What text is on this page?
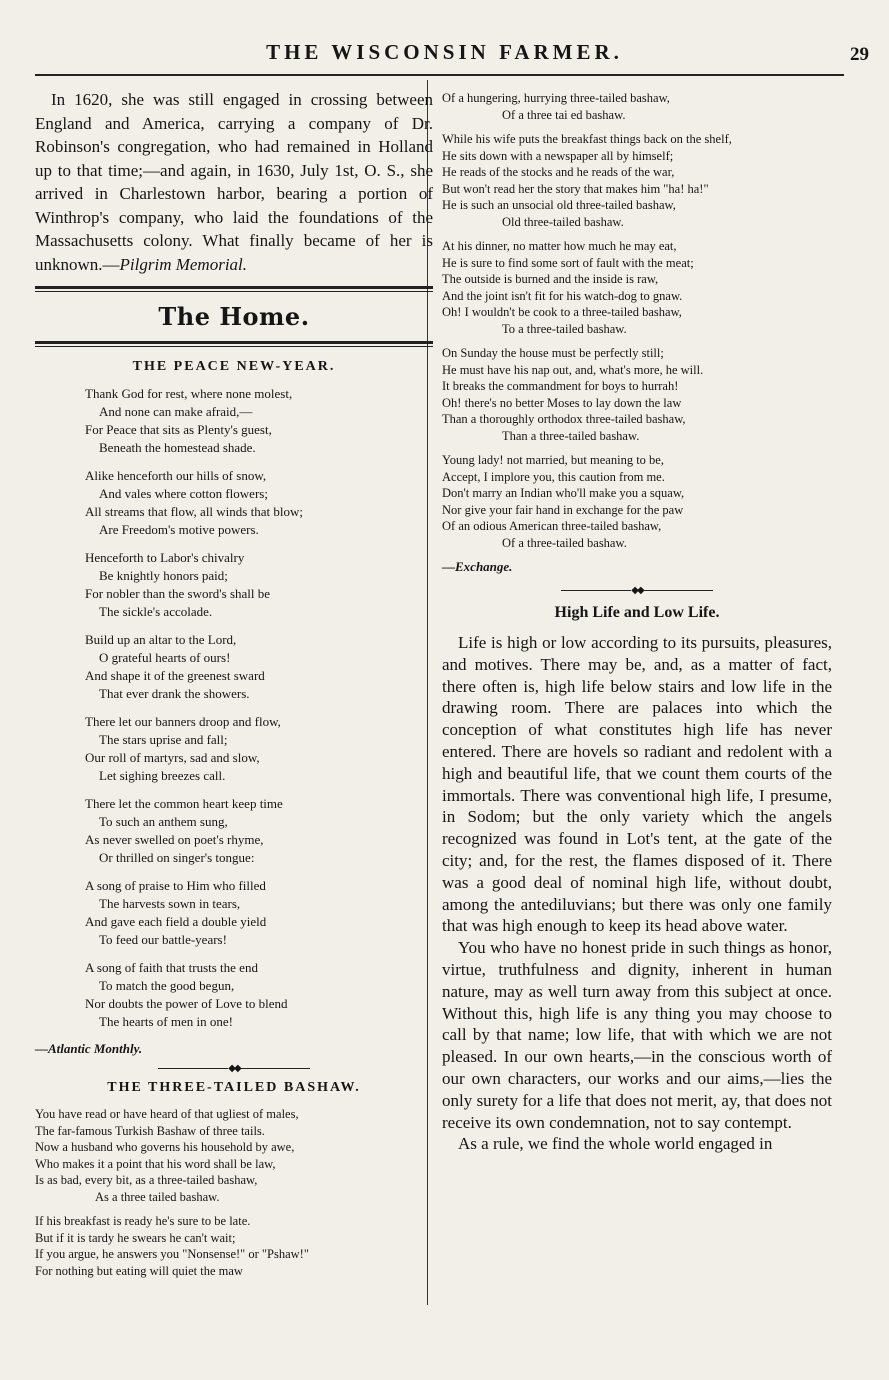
THE WISCONSIN FARMER.	29

In 1620, she was still engaged in crossing between England and America, carrying a company of Dr. Robinson's congregation, who had remained in Holland up to that time;—and again, in 1630, July 1st, O. S., she arrived in Charlestown harbor, bearing a portion of Winthrop's company, who laid the foundations of the Massachusetts colony. What finally became of her is unknown.—Pilgrim Memorial.

The Home.
THE PEACE NEW-YEAR.
Thank God for rest, where none molest,
And none can make afraid,—
For Peace that sits as Plenty's guest,
Beneath the homestead shade.
Alike henceforth our hills of snow,
And vales where cotton flowers;
All streams that flow, all winds that blow;
Are Freedom's motive powers.
Henceforth to Labor's chivalry
Be knightly honors paid;
For nobler than the sword's shall be
The sickle's accolade.
Build up an altar to the Lord,
O grateful hearts of ours!
And shape it of the greenest sward
That ever drank the showers.
There let our banners droop and flow,
The stars uprise and fall;
Our roll of martyrs, sad and slow,
Let sighing breezes call.
There let the common heart keep time
To such an anthem sung,
As never swelled on poet's rhyme,
Or thrilled on singer's tongue:
A song of praise to Him who filled
The harvests sown in tears,
And gave each field a double yield
To feed our battle-years!
A song of faith that trusts the end
To match the good begun,
Nor doubts the power of Love to blend
The hearts of men in one!
—Atlantic Monthly.
◆◆
THE THREE-TAILED BASHAW.
You have read or have heard of that ugliest of males,
The far-famous Turkish Bashaw of three tails.
Now a husband who governs his household by awe,
Who makes it a point that his word shall be law,
Is as bad, every bit, as a three-tailed bashaw,
As a three tailed bashaw.
If his breakfast is ready he's sure to be late.
But if it is tardy he swears he can't wait;
If you argue, he answers you "Nonsense!" or "Pshaw!"
For nothing but eating will quiet the maw
Of a hungering, hurrying three-tailed bashaw,
Of a three tai ed bashaw.
While his wife puts the breakfast things back on the shelf,
He sits down with a newspaper all by himself;
He reads of the stocks and he reads of the war,
But won't read her the story that makes him "ha! ha!"
He is such an unsocial old three-tailed bashaw,
Old three-tailed bashaw.
At his dinner, no matter how much he may eat,
He is sure to find some sort of fault with the meat;
The outside is burned and the inside is raw,
And the joint isn't fit for his watch-dog to gnaw.
Oh! I wouldn't be cook to a three-tailed bashaw,
To a three-tailed bashaw.
On Sunday the house must be perfectly still;
He must have his nap out, and, what's more, he will.
It breaks the commandment for boys to hurrah!
Oh! there's no better Moses to lay down the law
Than a thoroughly orthodox three-tailed bashaw,
Than a three-tailed bashaw.
Young lady! not married, but meaning to be,
Accept, I implore you, this caution from me.
Don't marry an Indian who'll make you a squaw,
Nor give your fair hand in exchange for the paw
Of an odious American three-tailed bashaw,
Of a three-tailed bashaw.
—Exchange.
◆◆
High Life and Low Life.

Life is high or low according to its pursuits, pleasures, and motives. There may be, and, as a matter of fact, there often is, high life below stairs and low life in the drawing room. There are palaces into which the conception of what constitutes high life has never entered. There are hovels so radiant and redolent with a high and beautiful life, that we count them courts of the immortals. There was conventional high life, I presume, in Sodom; but the only variety which the angels recognized was found in Lot's tent, at the gate of the city; and, for the rest, the flames disposed of it. There was a good deal of nominal high life, without doubt, among the antediluvians; but there was only one family that was high enough to keep its head above water.

You who have no honest pride in such things as honor, virtue, truthfulness and dignity, inherent in human nature, may as well turn away from this subject at once. Without this, high life is any thing you may choose to call by that name; low life, that with which we are not pleased. In our own hearts,—in the conscious worth of our own characters, our works and our aims,—lies the only surety for a life that does not merit, ay, that does not receive its own condemnation, not to say contempt.

As a rule, we find the whole world engaged in
